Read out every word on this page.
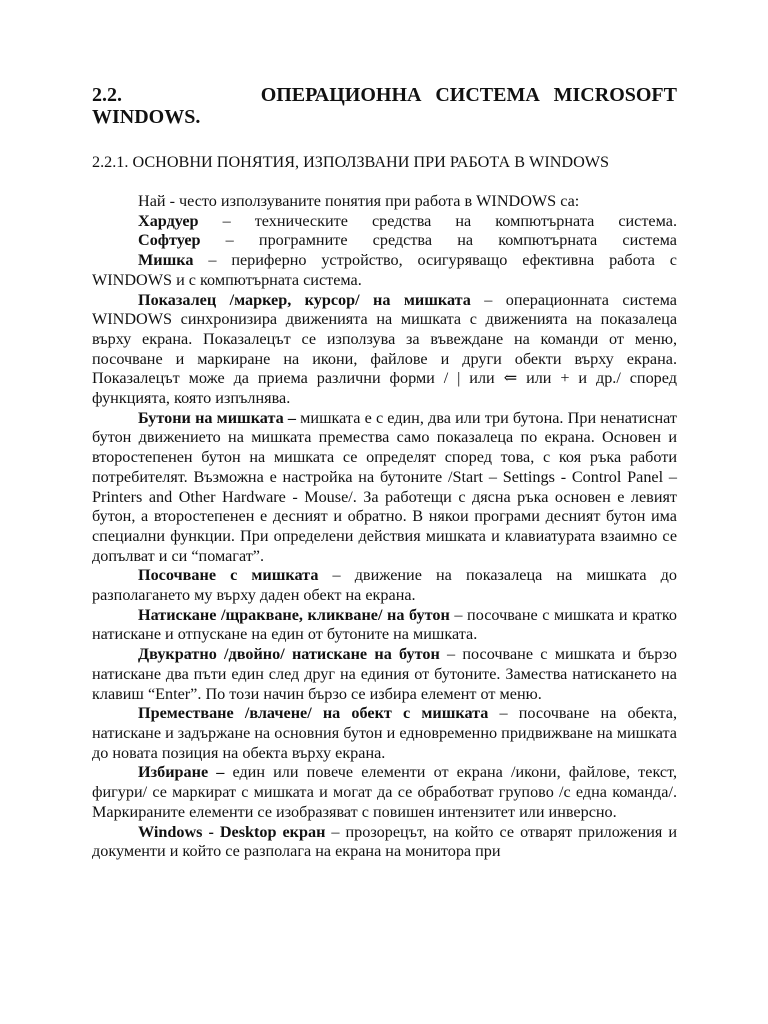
2.2.	ОПЕРАЦИОННА СИСТЕМА MICROSOFT WINDOWS.
2.2.1. ОСНОВНИ ПОНЯТИЯ, ИЗПОЛЗВАНИ ПРИ РАБОТА В WINDOWS

Най - често използуваните понятия при работа в WINDOWS са:

Хардуер – техническите средства на компютърната система.

Софтуер – програмните средства на компютърната система

Мишка – периферно устройство, осигуряващо ефективна работа с WINDOWS и с компютърната система.

Показалец /маркер, курсор/ на мишката – операционната система WINDOWS синхронизира движенията на мишката с движенията на показалеца върху екрана. Показалецът се използува за въвеждане на команди от меню, посочване и маркиране на икони, файлове и други обекти върху екрана. Показалецът може да приема различни форми / | или ⇐ или + и др./ според функцията, която изпълнява.

Бутони на мишката – мишката е с един, два или три бутона. При ненатиснат бутон движението на мишката премества само показалеца по екрана. Основен и второстепенен бутон на мишката се определят според това, с коя ръка работи потребителят. Възможна е настройка на бутоните /Start – Settings - Control Panel – Printers and Other Hardware - Mouse/. За работещи с дясна ръка основен е левият бутон, а второстепенен е десният и обратно. В някои програми десният бутон има специални функции. При определени действия мишката и клавиатурата взаимно се допълват и си “помагат”.

Посочване с мишката – движение на показалеца на мишката до разполагането му върху даден обект на екрана.

Натискане /щракване, кликване/ на бутон – посочване с мишката и кратко натискане и отпускане на един от бутоните на мишката.

Двукратно /двойно/ натискане на бутон – посочване с мишката и бързо натискане два пъти един след друг на единия от бутоните. Замества натискането на клавиш “Enter”. По този начин бързо се избира елемент от меню.

Преместване /влачене/ на обект с мишката – посочване на обекта, натискане и задържане на основния бутон и едновременно придвижване на мишката до новата позиция на обекта върху екрана.

Избиране – един или повече елементи от екрана /икони, файлове, текст, фигури/ се маркират с мишката и могат да се обработват групово /с една команда/. Маркираните елементи се изобразяват с повишен интензитет или инверсно.

Windows - Desktop екран – прозорецът, на който се отварят приложения и документи и който се разполага на екрана на монитора при
